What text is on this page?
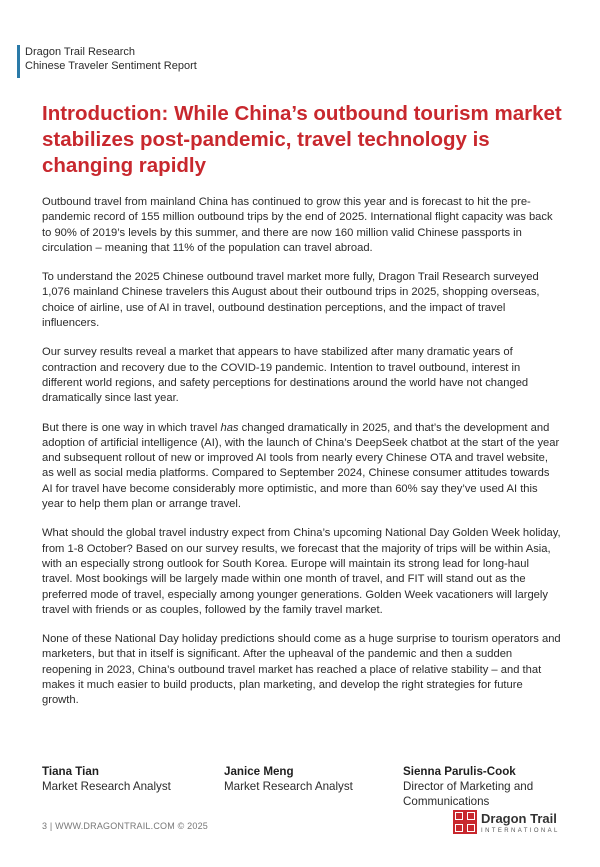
Dragon Trail Research
Chinese Traveler Sentiment Report
Introduction: While China’s outbound tourism market stabilizes post-pandemic, travel technology is changing rapidly

Outbound travel from mainland China has continued to grow this year and is forecast to hit the pre-pandemic record of 155 million outbound trips by the end of 2025. International flight capacity was back to 90% of 2019’s levels by this summer, and there are now 160 million valid Chinese passports in circulation – meaning that 11% of the population can travel abroad.

To understand the 2025 Chinese outbound travel market more fully, Dragon Trail Research surveyed 1,076 mainland Chinese travelers this August about their outbound trips in 2025, shopping overseas, choice of airline, use of AI in travel, outbound destination perceptions, and the impact of travel influencers.

Our survey results reveal a market that appears to have stabilized after many dramatic years of contraction and recovery due to the COVID-19 pandemic. Intention to travel outbound, interest in different world regions, and safety perceptions for destinations around the world have not changed dramatically since last year.

But there is one way in which travel has changed dramatically in 2025, and that’s the development and adoption of artificial intelligence (AI), with the launch of China’s DeepSeek chatbot at the start of the year and subsequent rollout of new or improved AI tools from nearly every Chinese OTA and travel website, as well as social media platforms. Compared to September 2024, Chinese consumer attitudes towards AI for travel have become considerably more optimistic, and more than 60% say they’ve used AI this year to help them plan or arrange travel.

What should the global travel industry expect from China’s upcoming National Day Golden Week holiday, from 1-8 October? Based on our survey results, we forecast that the majority of trips will be within Asia, with an especially strong outlook for South Korea. Europe will maintain its strong lead for long-haul travel. Most bookings will be largely made within one month of travel, and FIT will stand out as the preferred mode of travel, especially among younger generations. Golden Week vacationers will largely travel with friends or as couples, followed by the family travel market.

None of these National Day holiday predictions should come as a huge surprise to tourism operators and marketers, but that in itself is significant. After the upheaval of the pandemic and then a sudden reopening in 2023, China’s outbound travel market has reached a place of relative stability – and that makes it much easier to build products, plan marketing, and develop the right strategies for future growth.

Tiana Tian
Market Research Analyst
Janice Meng
Market Research Analyst
Sienna Parulis-Cook
Director of Marketing and Communications
3 | WWW.DRAGONTRAIL.COM © 2025	Dragon Trail
INTERNATIONAL
